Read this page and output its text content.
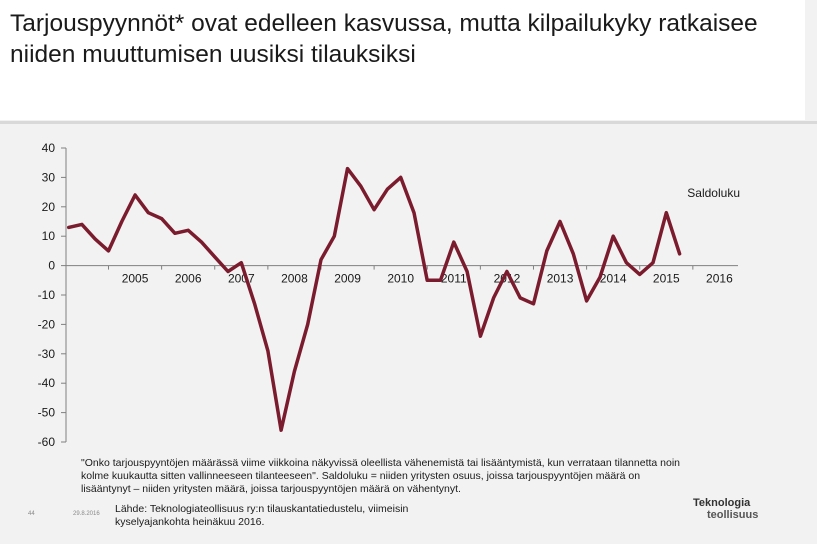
Tarjouspyynnöt* ovat edelleen kasvussa, mutta kilpailukyky ratkaisee niiden muuttumisen uusiksi tilauksiksi
40
30
20
10
0
-10
-20
-30
-40
-50
-60
2005 2006 2007 2008 2009 2010 2011 2012 2013 2014 2015 2016
Saldoluku
"Onko tarjouspyyntöjen määrässä viime viikkoina näkyvissä oleellista vähenemistä tai lisääntymistä, kun verrataan tilannetta noin kolme kuukautta sitten vallinneeseen tilanteeseen". Saldoluku = niiden yritysten osuus, joissa tarjouspyyntöjen määrä on lisääntynyt – niiden yritysten määrä, joissa tarjouspyyntöjen määrä on vähentynyt.
44	29.8.2016 Lähde: Teknologiateollisuus ry:n tilauskantatiedustelu, viimeisin kyselyajankohta heinäkuu 2016.
Teknologia
teollisuus
